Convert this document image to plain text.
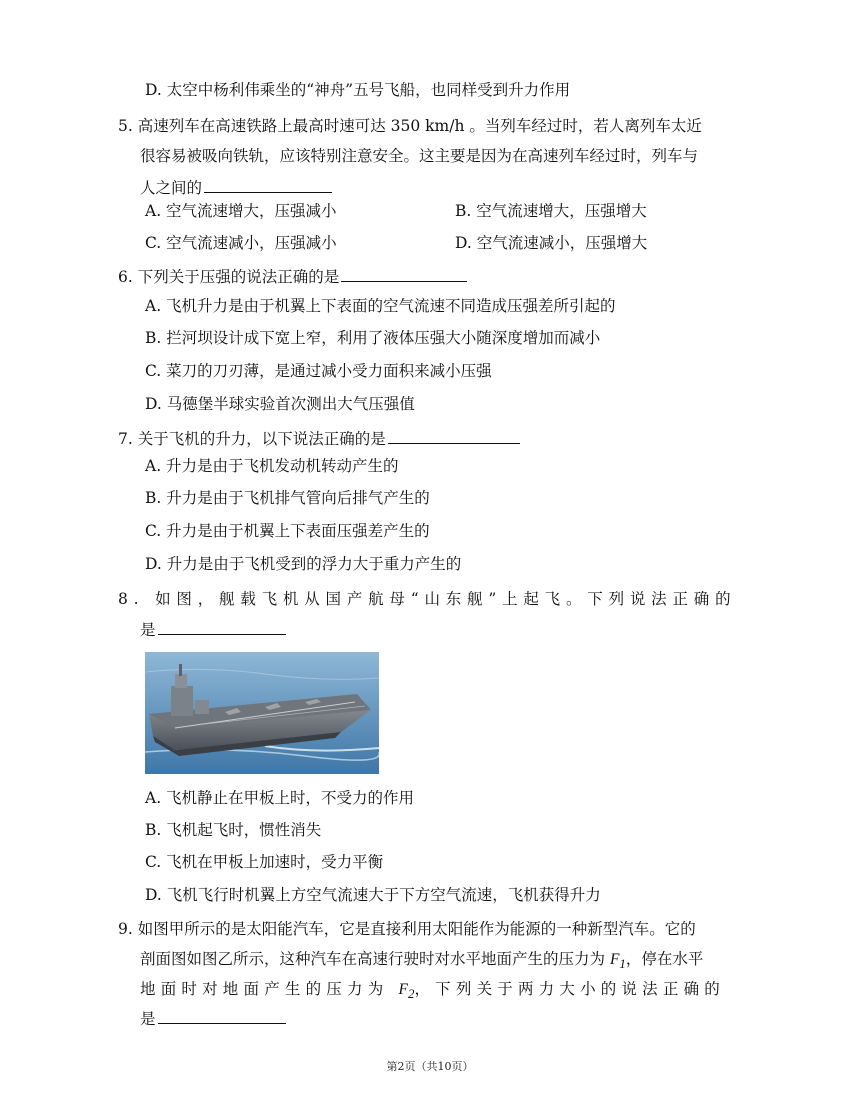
D. 太空中杨利伟乘坐的“神舟”五号飞船，也同样受到升力作用
5. 高速列车在高速铁路上最高时速可达 350 km/h 。当列车经过时，若人离列车太近
很容易被吸向铁轨，应该特别注意安全。这主要是因为在高速列车经过时，列车与
人之间的
A. 空气流速增大，压强减小	B. 空气流速增大，压强增大
C. 空气流速减小，压强减小	D. 空气流速减小，压强增大
6. 下列关于压强的说法正确的是
A. 飞机升力是由于机翼上下表面的空气流速不同造成压强差所引起的
B. 拦河坝设计成下宽上窄，利用了液体压强大小随深度增加而减小
C. 菜刀的刀刃薄，是通过减小受力面积来减小压强
D. 马德堡半球实验首次测出大气压强值
7. 关于飞机的升力，以下说法正确的是
A. 升力是由于飞机发动机转动产生的
B. 升力是由于飞机排气管向后排气产生的
C. 升力是由于机翼上下表面压强差产生的
D. 升力是由于飞机受到的浮力大于重力产生的
8. 如图，舰载飞机从国产航母“山东舰”上起飞。下列说法正确的
是
A. 飞机静止在甲板上时，不受力的作用
B. 飞机起飞时，惯性消失
C. 飞机在甲板上加速时，受力平衡
D. 飞机飞行时机翼上方空气流速大于下方空气流速，飞机获得升力
9. 如图甲所示的是太阳能汽车，它是直接利用太阳能作为能源的一种新型汽车。它的
剖面图如图乙所示，这种汽车在高速行驶时对水平地面产生的压力为 $F_1$，停在水平
地面时对地面产生的压力为 $F_2$，下列关于两力大小的说法正确的
是
第2页（共10页）
